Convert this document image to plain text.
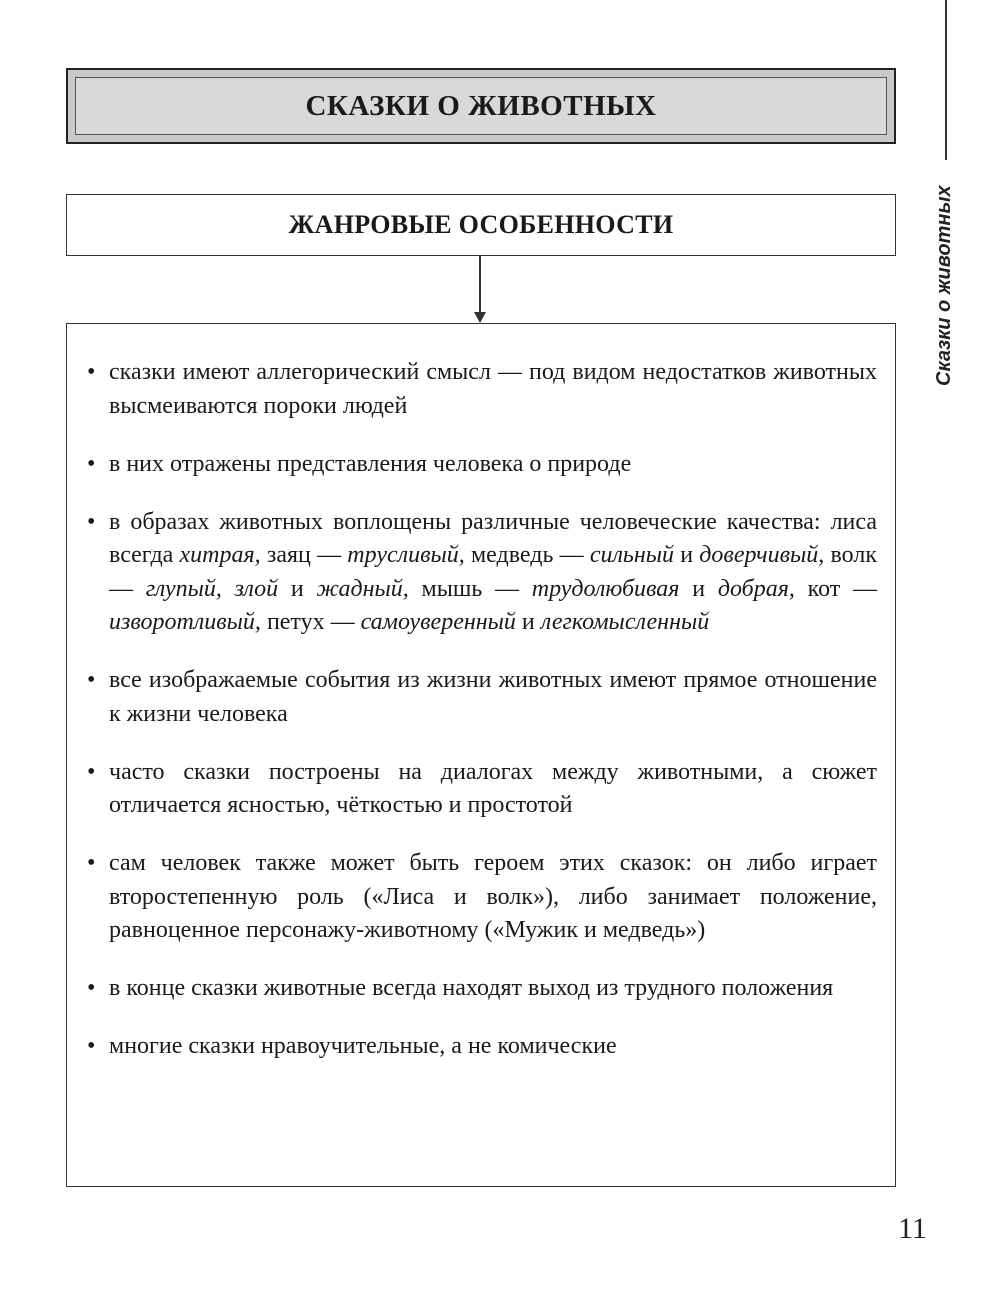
СКАЗКИ О ЖИВОТНЫХ
ЖАНРОВЫЕ ОСОБЕННОСТИ

• сказки имеют аллегорический смысл — под видом недостатков животных высмеиваются пороки людей

• в них отражены представления человека о природе

• в образах животных воплощены различные человеческие качества: лиса всегда хитрая, заяц — трусливый, медведь — сильный и доверчивый, волк — глупый, злой и жадный, мышь — трудолюбивая и добрая, кот — изворотливый, петух — самоуверенный и легкомысленный

• все изображаемые события из жизни животных имеют прямое отношение к жизни человека

• часто сказки построены на диалогах между животными, а сюжет отличается ясностью, чёткостью и простотой

• сам человек также может быть героем этих сказок: он либо играет второстепенную роль («Лиса и волк»), либо занимает положение, равноценное персонажу-животному («Мужик и медведь»)

• в конце сказки животные всегда находят выход из трудного положения

• многие сказки нравоучительные, а не комические

Сказки о животных
11
